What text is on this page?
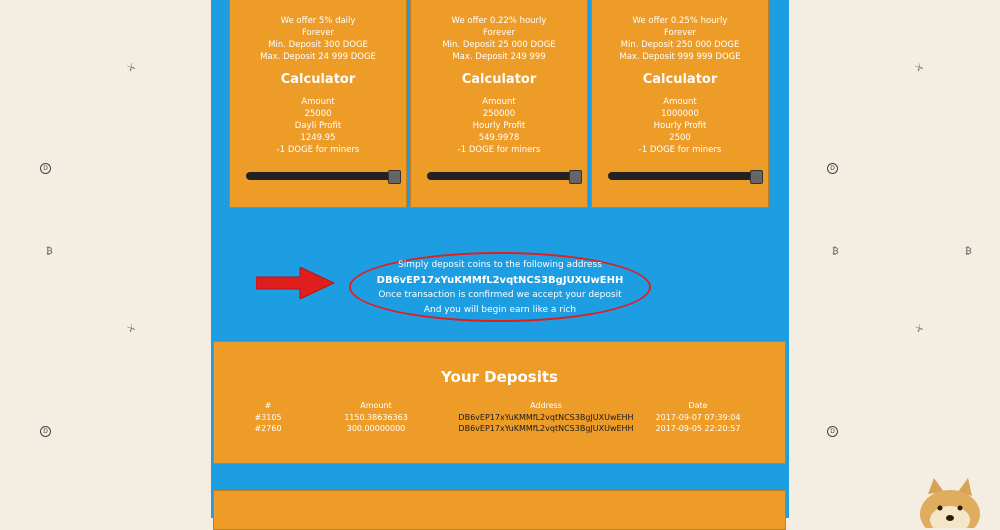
⚔
D
₿
⚔
D
⚔
D
₿	₿
⚔
D
We offer 5% daily
Forever
Min. Deposit 300 DOGE
Max. Deposit 24 999 DOGE
Calculator
Amount
25000
Dayli Profit
1249.95
-1 DOGE for miners
We offer 0.22% hourly
Forever
Min. Deposit 25 000 DOGE
Max. Deposit 249 999
Calculator
Amount
250000
Hourly Profit
549.9978
-1 DOGE for miners
We offer 0.25% hourly
Forever
Min. Deposit 250 000 DOGE
Max. Deposit 999 999 DOGE
Calculator
Amount
1000000
Hourly Profit
2500
-1 DOGE for miners
Simply deposit coins to the following address
DB6vEP17xYuKMMfL2vqtNCS3BgJUXUwEHH
Once transaction is confirmed we accept your deposit
And you will begin earn like a rich
Your Deposits
#	Amount	Address	Date
#3105	1150.38636363	DB6vEP17xYuKMMfL2vqtNCS3BgJUXUwEHH	2017-09-07 07:39:04
#2760	300.00000000	DB6vEP17xYuKMMfL2vqtNCS3BgJUXUwEHH	2017-09-05 22:20:57
